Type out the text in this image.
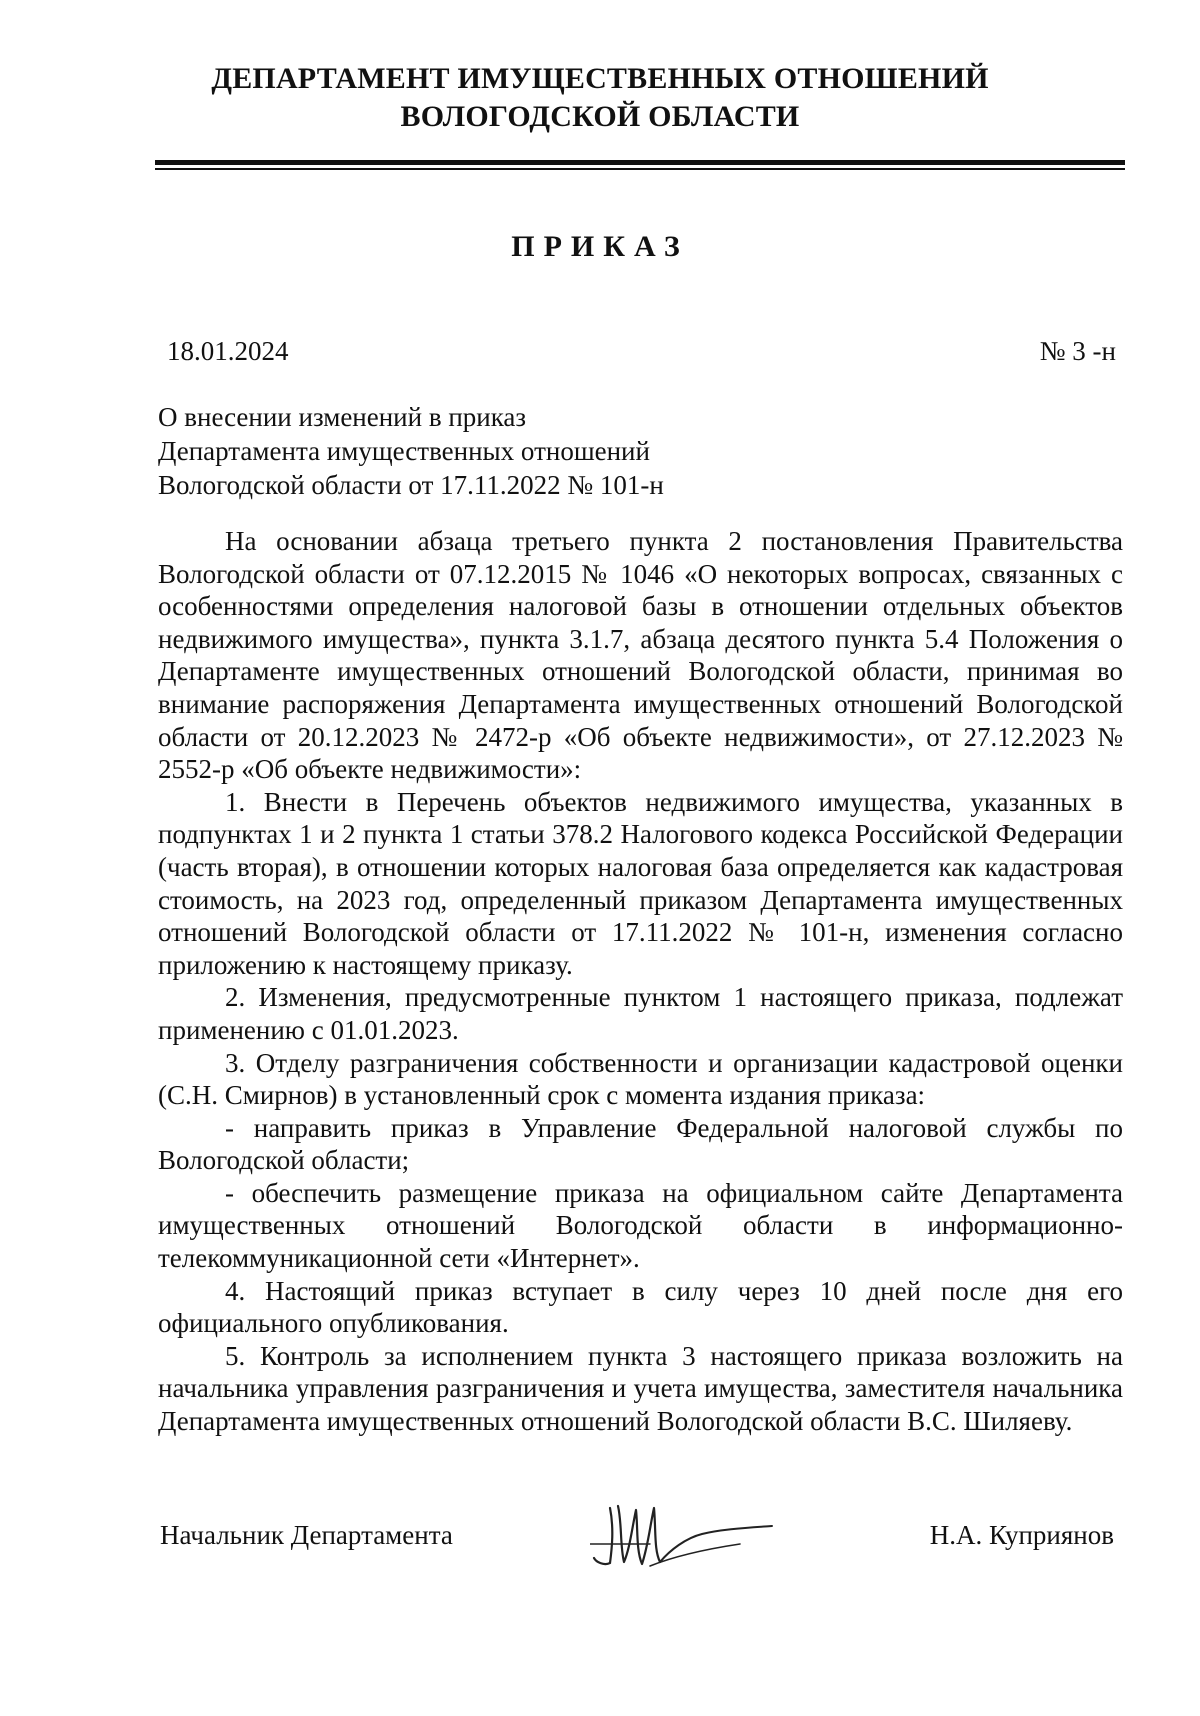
ДЕПАРТАМЕНТ ИМУЩЕСТВЕННЫХ ОТНОШЕНИЙ
ВОЛОГОДСКОЙ ОБЛАСТИ
ПРИКАЗ
18.01.2024	№ 3 -н
О внесении изменений в приказ
Департамента имущественных отношений
Вологодской области от 17.11.2022 № 101-н

На основании абзаца третьего пункта 2 постановления Правительства Вологодской области от 07.12.2015 № 1046 «О некоторых вопросах, связанных с особенностями определения налоговой базы в отношении отдельных объектов недвижимого имущества», пункта 3.1.7, абзаца десятого пункта 5.4 Положения о Департаменте имущественных отношений Вологодской области, принимая во внимание распоряжения Департамента имущественных отношений Вологодской области от 20.12.2023 № 2472-р «Об объекте недвижимости», от 27.12.2023 № 2552-р «Об объекте недвижимости»:

1. Внести в Перечень объектов недвижимого имущества, указанных в подпунктах 1 и 2 пункта 1 статьи 378.2 Налогового кодекса Российской Федерации (часть вторая), в отношении которых налоговая база определяется как кадастровая стоимость, на 2023 год, определенный приказом Департамента имущественных отношений Вологодской области от 17.11.2022 № 101-н, изменения согласно приложению к настоящему приказу.

2. Изменения, предусмотренные пунктом 1 настоящего приказа, подлежат применению с 01.01.2023.

3. Отделу разграничения собственности и организации кадастровой оценки (С.Н. Смирнов) в установленный срок с момента издания приказа:

- направить приказ в Управление Федеральной налоговой службы по Вологодской области;

- обеспечить размещение приказа на официальном сайте Департамента имущественных отношений Вологодской области в информационно-телекоммуникационной сети «Интернет».

4. Настоящий приказ вступает в силу через 10 дней после дня его официального опубликования.

5. Контроль за исполнением пункта 3 настоящего приказа возложить на начальника управления разграничения и учета имущества, заместителя начальника Департамента имущественных отношений Вологодской области В.С. Шиляеву.

Начальник Департамента	Н.А. Куприянов
